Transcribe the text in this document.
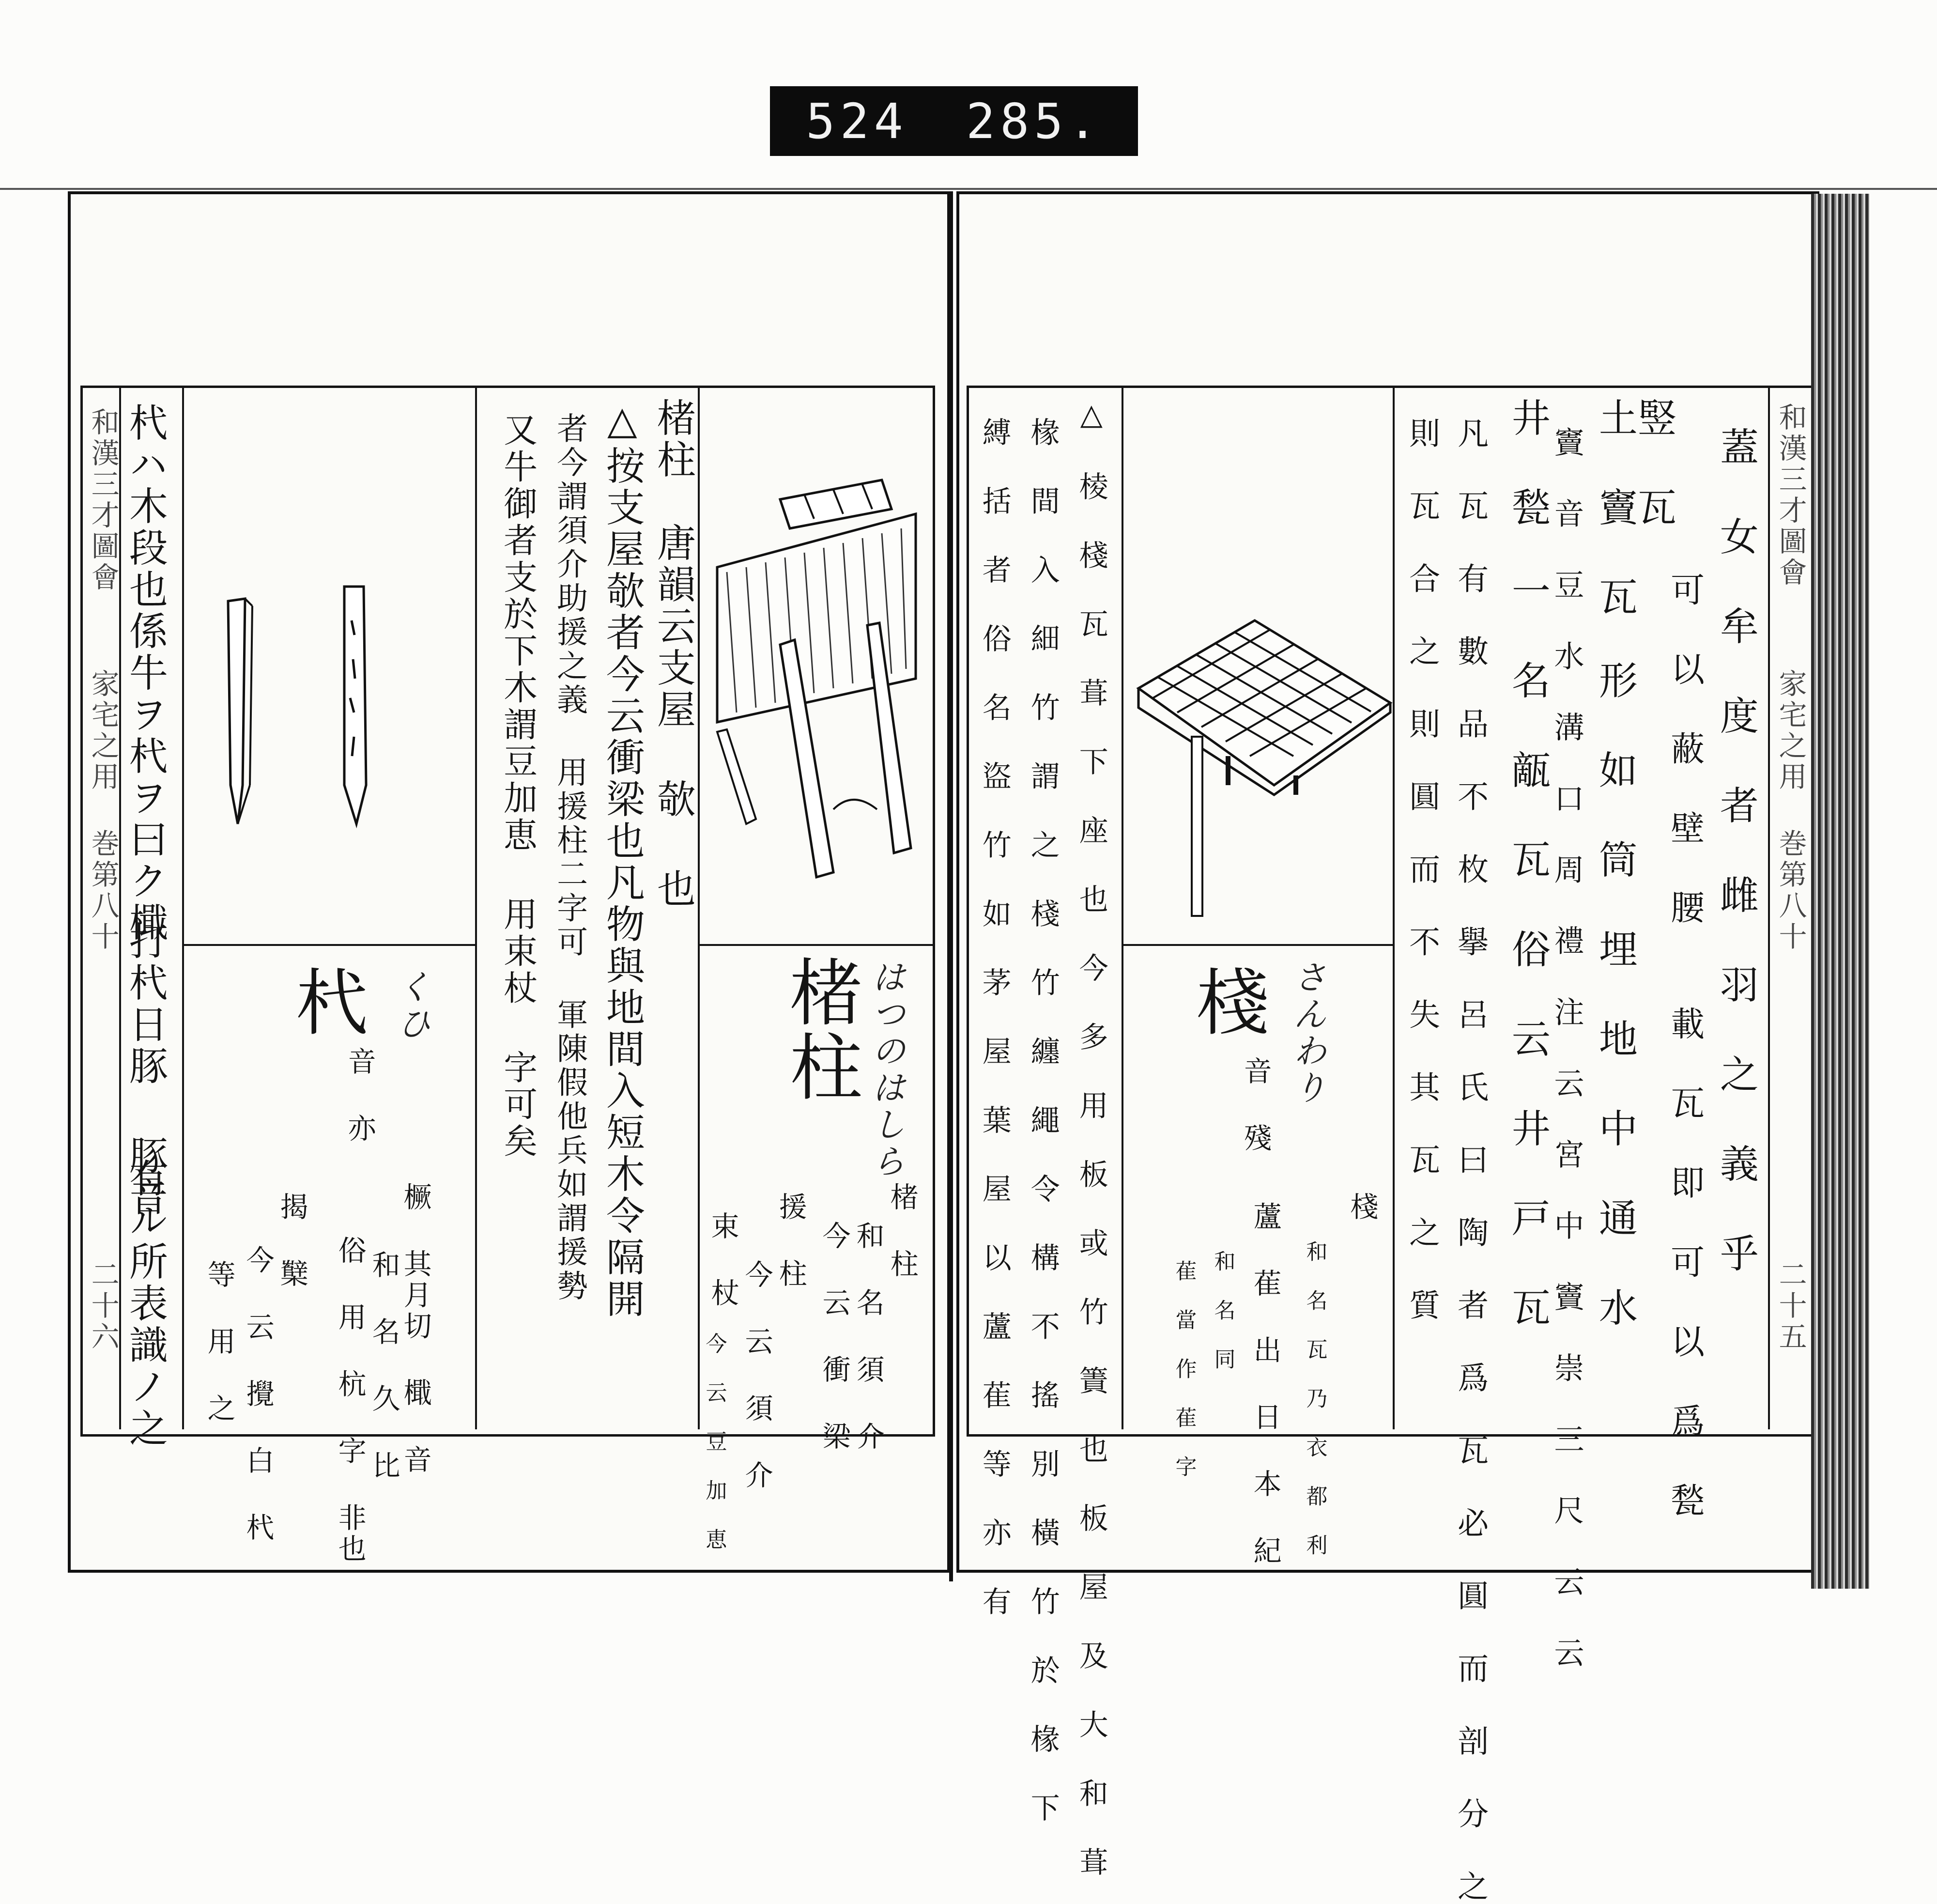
524 285.
和漢三才圖會
家宅之用 巻第八十
二十六
杙ハ木段也係牛ヲ杙ヲ曰ク檝
打杙日豚 豚音
有ル所表識ノ之
杙 くひ
音 亦
橛 其月切 檝 音
俗 用 杭 字 非也 和 名 久 比
揭 櫱
今 云 攪 白 杙
等 用 之
楮柱　唐韻云支屋 欹 也
△按支屋欹者今云衝梁也凡物與地間入短木令隔開
者今謂須介助援之義 用援柱二字可 軍陳假他兵如謂援勢
又牛御者支於下木謂豆加恵 用束杖 字可矣	楮柱 はつのはしら
楮 柱
和 名 須 介
今 云 衝 梁
援 柱
今 云 須 介
束 杖
今 云 豆 加 恵	△ 棱 棧 瓦 葺 下 座 也 今 多 用 板 或 竹 簀 也 板 屋 及 大 和 葺
椽 間 入 細 竹 謂 之 棧 竹 纏 繩 令 構 不 搖 別 橫 竹 於 椽 下
縛 括 者 俗 名 盜 竹 如 茅 屋 葉 屋 以 蘆 萑 等 亦 有 棧 さんわり
音 殘
棧
和 名 瓦 乃 衣 都 利
蘆 萑 出 日 本 紀
和 名 同
萑 當 作 萑 字
蓋 女 牟 度 者 雌 羽 之 義 乎
可 以 蔽 壁 腰　 載 瓦 即 可 以 爲 甃
竪 瓦
土 竇 瓦　形 如 筒 埋 地 中 通 水
竇 音 豆 水 溝 口 周 禮 注 云 宮 中 竇 崇 三 尺 云 云
井 甃　一 名 甋 瓦 俗 云 井 戸 瓦
凡 瓦 有 數 品 不 枚 擧 呂 氏 曰 陶 者 爲 瓦 必 圓 而 剖 分 之
則 瓦 合 之 則 圓 而 不 失 其 瓦 之 質	和漢三才圖會
家宅之用 巻第八十
二十五
